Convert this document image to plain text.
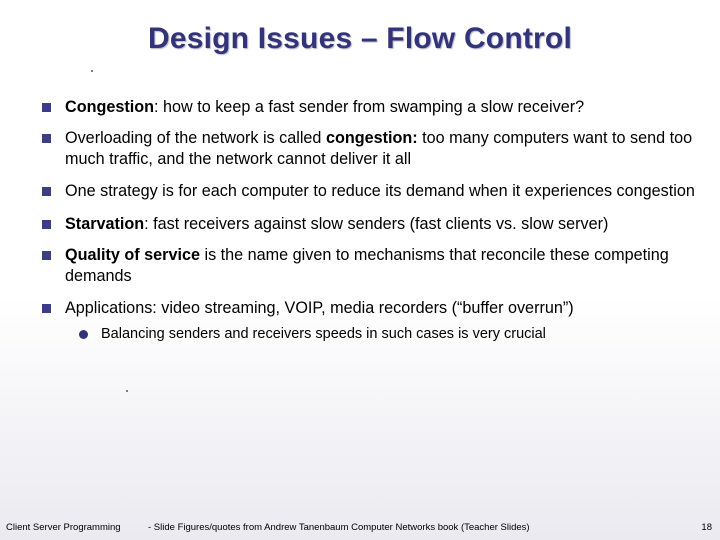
Design Issues – Flow Control
Congestion: how to keep a fast sender from swamping a slow receiver?
Overloading of the network is called congestion: too many computers want to send too much traffic, and the network cannot deliver it all
One strategy is for each computer to reduce its demand when it experiences congestion
Starvation: fast receivers against slow senders (fast clients vs. slow server)
Quality of service is the name given to mechanisms that reconcile these competing demands
Applications: video streaming, VOIP, media recorders (“buffer overrun”)
Balancing senders and receivers speeds in such cases is very crucial
Client Server Programming	- Slide Figures/quotes from Andrew Tanenbaum Computer Networks book (Teacher Slides)	18
